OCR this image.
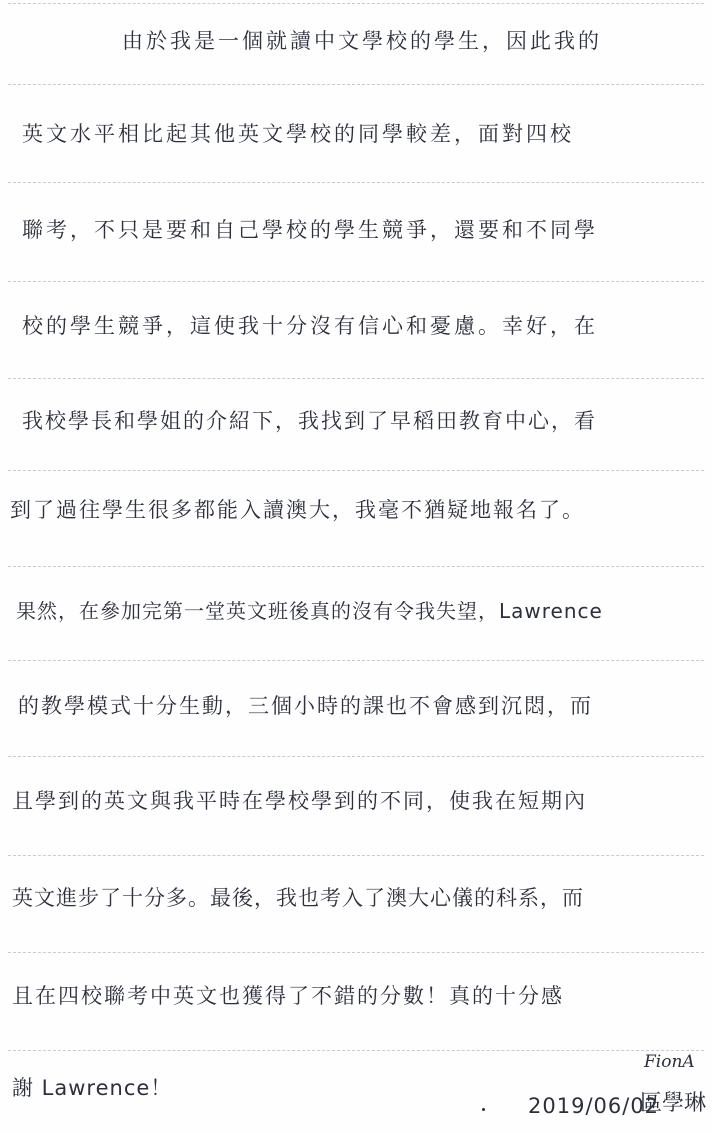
由於我是一個就讀中文學校的學生，因此我的
英文水平相比起其他英文學校的同學較差，面對四校
聯考，不只是要和自己學校的學生競爭，還要和不同學
校的學生競爭，這使我十分沒有信心和憂慮。幸好，在
我校學長和學姐的介紹下，我找到了早稻田教育中心，看
到了過往學生很多都能入讀澳大，我毫不猶疑地報名了。
果然，在參加完第一堂英文班後真的沒有令我失望，Lawrence
的教學模式十分生動，三個小時的課也不會感到沉悶，而
且學到的英文與我平時在學校學到的不同，使我在短期內
英文進步了十分多。最後，我也考入了澳大心儀的科系，而
且在四校聯考中英文也獲得了不錯的分數！真的十分感
謝 Lawrence！
FionA
2019/06/02
區學琳
